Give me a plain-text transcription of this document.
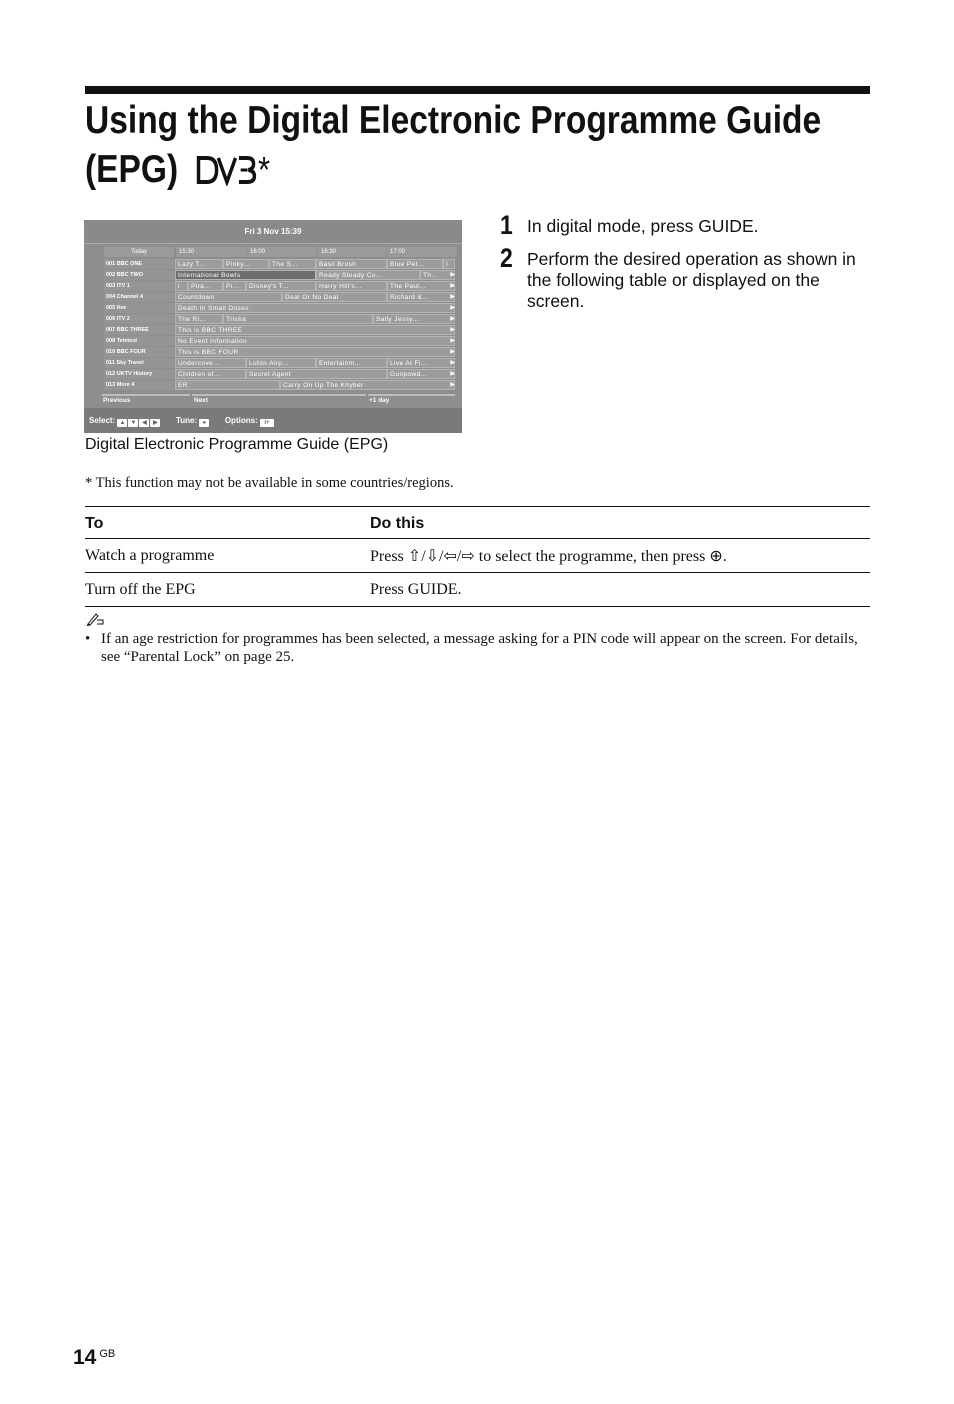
Using the Digital Electronic Programme Guide
(EPG) *
Fri 3 Nov 15:39
Today	15:30	16:00	16:30	17:00
001 BBC ONE	Lazy T...	Pinky...	The S...	Basil Brush	Blue Pet...	I
002 BBC TWO	International Bowls	Ready Steady Co...	Th...	▶
003 ITV 1	i	Pira...	Pi...	Disney's T...	Harry Hill's...	The Paul...	▶
004 Channel 4	Countdown	Deal Or No Deal	Richard &...	▶
005 five	Death In Small Doses	▶
006 ITV 2	The Ri...	Trisha	Sally Jessy...	▶
007 BBC THREE	This is BBC THREE	▶
008 Teletext	No Event Information	▶
010 BBC FOUR	This is BBC FOUR	▶
011 Sky Travel	Undercove...	Luton Airp...	Entertainm...	Live At Fi...	▶
012 UKTV History	Children of...	Secret Agent	Gunpowd...	▶
013 More 4	ER	Carry On Up The Khyber	▶
Previous	Next	+1 day
Select: ▲ ▼ ◀ ▶ Tune: ● Options: i+
Digital Electronic Programme Guide (EPG)
1 In digital mode, press GUIDE.
2 Perform the desired operation as shown in the following table or displayed on the screen.
* This function may not be available in some countries/regions.
To	Do this
Watch a programme	Press ⇧/⇩/⇦/⇨ to select the programme, then press ⊕.
Turn off the EPG	Press GUIDE.
• If an age restriction for programmes has been selected, a message asking for a PIN code will appear on the screen. For details, see “Parental Lock” on page 25.
14 $^{GB}$
